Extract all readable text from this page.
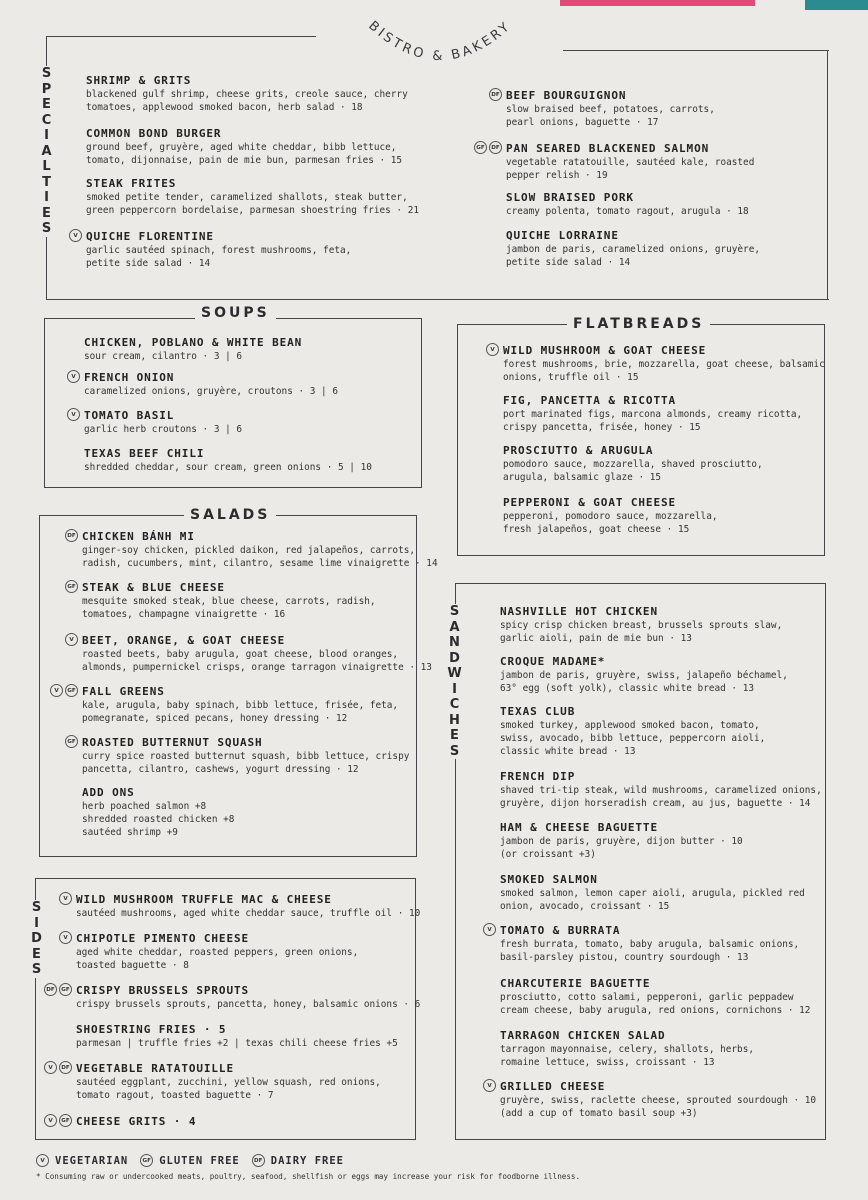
BISTRO & BAKERY
S
P
E
C
I
A
L
T
I
E
S
SHRIMP & GRITS
blackened gulf shrimp, cheese grits, creole sauce, cherry
tomatoes, applewood smoked bacon, herb salad · 18
COMMON BOND BURGER
ground beef, gruyère, aged white cheddar, bibb lettuce,
tomato, dijonnaise, pain de mie bun, parmesan fries · 15
STEAK FRITES
smoked petite tender, caramelized shallots, steak butter,
green peppercorn bordelaise, parmesan shoestring fries · 21
V QUICHE FLORENTINE
garlic sautéed spinach, forest mushrooms, feta,
petite side salad · 14
DF BEEF BOURGUIGNON
slow braised beef, potatoes, carrots,
pearl onions, baguette · 17
GF	DF PAN SEARED BLACKENED SALMON
vegetable ratatouille, sautéed kale, roasted
pepper relish · 19
SLOW BRAISED PORK
creamy polenta, tomato ragout, arugula · 18
QUICHE LORRAINE
jambon de paris, caramelized onions, gruyère,
petite side salad · 14
SOUPS
CHICKEN, POBLANO & WHITE BEAN
sour cream, cilantro · 3 | 6
V FRENCH ONION
caramelized onions, gruyère, croutons · 3 | 6
V TOMATO BASIL
garlic herb croutons · 3 | 6
TEXAS BEEF CHILI
shredded cheddar, sour cream, green onions · 5 | 10
FLATBREADS
V WILD MUSHROOM & GOAT CHEESE
forest mushrooms, brie, mozzarella, goat cheese, balsamic
onions, truffle oil · 15
FIG, PANCETTA & RICOTTA
port marinated figs, marcona almonds, creamy ricotta,
crispy pancetta, frisée, honey · 15
PROSCIUTTO & ARUGULA
pomodoro sauce, mozzarella, shaved prosciutto,
arugula, balsamic glaze · 15
PEPPERONI & GOAT CHEESE
pepperoni, pomodoro sauce, mozzarella,
fresh jalapeños, goat cheese · 15
SALADS
DF CHICKEN BÁNH MI
ginger-soy chicken, pickled daikon, red jalapeños, carrots,
radish, cucumbers, mint, cilantro, sesame lime vinaigrette · 14
GF STEAK & BLUE CHEESE
mesquite smoked steak, blue cheese, carrots, radish,
tomatoes, champagne vinaigrette · 16
V BEET, ORANGE, & GOAT CHEESE
roasted beets, baby arugula, goat cheese, blood oranges,
almonds, pumpernickel crisps, orange tarragon vinaigrette · 13
V	GF FALL GREENS
kale, arugula, baby spinach, bibb lettuce, frisée, feta,
pomegranate, spiced pecans, honey dressing · 12
GF ROASTED BUTTERNUT SQUASH
curry spice roasted butternut squash, bibb lettuce, crispy
pancetta, cilantro, cashews, yogurt dressing · 12
ADD ONS
herb poached salmon +8
shredded roasted chicken +8
sautéed shrimp +9
S
A
N
D
W
I
C
H
E
S
NASHVILLE HOT CHICKEN
spicy crisp chicken breast, brussels sprouts slaw,
garlic aioli, pain de mie bun · 13
CROQUE MADAME*
jambon de paris, gruyère, swiss, jalapeño béchamel,
63° egg (soft yolk), classic white bread · 13
TEXAS CLUB
smoked turkey, applewood smoked bacon, tomato,
swiss, avocado, bibb lettuce, peppercorn aioli,
classic white bread · 13
FRENCH DIP
shaved tri-tip steak, wild mushrooms, caramelized onions,
gruyère, dijon horseradish cream, au jus, baguette · 14
HAM & CHEESE BAGUETTE
jambon de paris, gruyère, dijon butter · 10
(or croissant +3)
SMOKED SALMON
smoked salmon, lemon caper aioli, arugula, pickled red
onion, avocado, croissant · 15
V TOMATO & BURRATA
fresh burrata, tomato, baby arugula, balsamic onions,
basil-parsley pistou, country sourdough · 13
CHARCUTERIE BAGUETTE
prosciutto, cotto salami, pepperoni, garlic peppadew
cream cheese, baby arugula, red onions, cornichons · 12
TARRAGON CHICKEN SALAD
tarragon mayonnaise, celery, shallots, herbs,
romaine lettuce, swiss, croissant · 13
V GRILLED CHEESE
gruyère, swiss, raclette cheese, sprouted sourdough · 10
(add a cup of tomato basil soup +3)
S
I
D
E
S
V WILD MUSHROOM TRUFFLE MAC & CHEESE
sautéed mushrooms, aged white cheddar sauce, truffle oil · 10
V CHIPOTLE PIMENTO CHEESE
aged white cheddar, roasted peppers, green onions,
toasted baguette · 8
DF	GF CRISPY BRUSSELS SPROUTS
crispy brussels sprouts, pancetta, honey, balsamic onions · 6
SHOESTRING FRIES · 5
parmesan | truffle fries +2 | texas chili cheese fries +5
V	DF VEGETABLE RATATOUILLE
sautéed eggplant, zucchini, yellow squash, red onions,
tomato ragout, toasted baguette · 7
V	GF CHEESE GRITS · 4
V VEGETARIAN	GF GLUTEN FREE	DF DAIRY FREE
* Consuming raw or undercooked meats, poultry, seafood, shellfish or eggs may increase your risk for foodborne illness.
